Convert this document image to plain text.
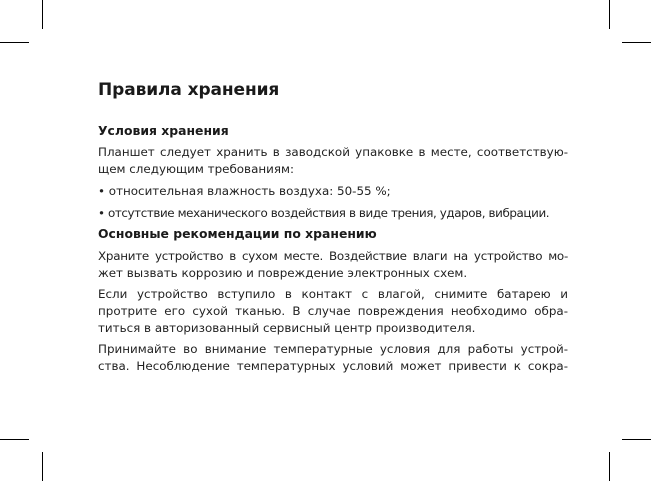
Правила хранения
Условия хранения

Планшет следует хранить в заводской упаковке в месте, соответствую-
щем следующим требованиям:

• относительная влажность воздуха: 50-55 %;

• отсутствие механического воздействия в виде трения, ударов, вибрации.

Основные рекомендации по хранению

Храните устройство в сухом месте. Воздействие влаги на устройство мо-
жет вызвать коррозию и повреждение электронных схем.

Если устройство вступило в контакт с влагой, снимите батарею и
протрите его сухой тканью. В случае повреждения необходимо обра-
титься в авторизованный сервисный центр производителя.

Принимайте во внимание температурные условия для работы устрой-
ства. Несоблюдение температурных условий может привести к сокра-
